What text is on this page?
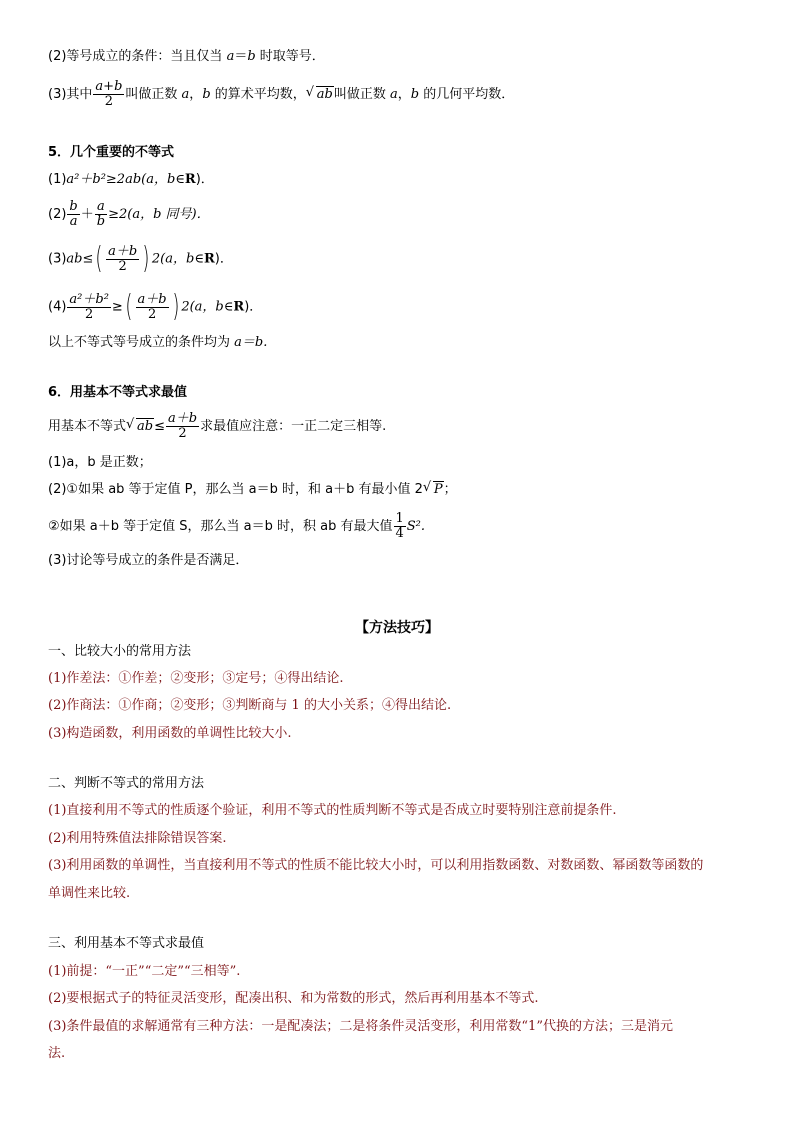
(2)等号成立的条件：当且仅当 a＝b 时取等号．
(3)其中 $\frac{a+b}{2}$ 叫做正数 a，b 的算术平均数， √ ab叫做正数 a，b 的几何平均数．
5．几个重要的不等式
(1)a²＋b²≥2ab(a，b∈R)．
$(2) \frac{b}{a} + \frac{a}{b} \ge 2(a$，b 同号)．
$(3)ab\le( \frac{a+b}{2}$ ) 2(a，b∈R)．
$(4) \frac{\text{a²＋b²}}{2}$ ≥( $\frac{a+b}{2}$ ) 2(a，b∈R)．
以上不等式等号成立的条件均为 a＝b.
6．用基本不等式求最值
用基本不等式 √ $ab\le \frac{a+b}{2}$ 求最值应注意：一正二定三相等.
(1)a，b 是正数；
(2)①如果 ab 等于定值 P，那么当 a＝b 时，和 a＋b 有最小值 2 √ P；
②如果 a＋b 等于定值 S，那么当 a＝b 时，积 ab 有最大值 $\frac{1}{4} S^2$.
(3)讨论等号成立的条件是否满足．
【方法技巧】
一、比较大小的常用方法
(1)作差法：①作差；②变形；③定号；④得出结论.
(2)作商法：①作商；②变形；③判断商与 1 的大小关系；④得出结论.
(3)构造函数，利用函数的单调性比较大小.
二、判断不等式的常用方法
(1)直接利用不等式的性质逐个验证，利用不等式的性质判断不等式是否成立时要特别注意前提条件.
(2)利用特殊值法排除错误答案.
(3)利用函数的单调性，当直接利用不等式的性质不能比较大小时，可以利用指数函数、对数函数、幂函数等函数的
单调性来比较.
三、利用基本不等式求最值
(1)前提：“一正”“二定”“三相等”.
(2)要根据式子的特征灵活变形，配凑出积、和为常数的形式，然后再利用基本不等式.
(3)条件最值的求解通常有三种方法：一是配凑法；二是将条件灵活变形，利用常数“1”代换的方法；三是消元
法.
